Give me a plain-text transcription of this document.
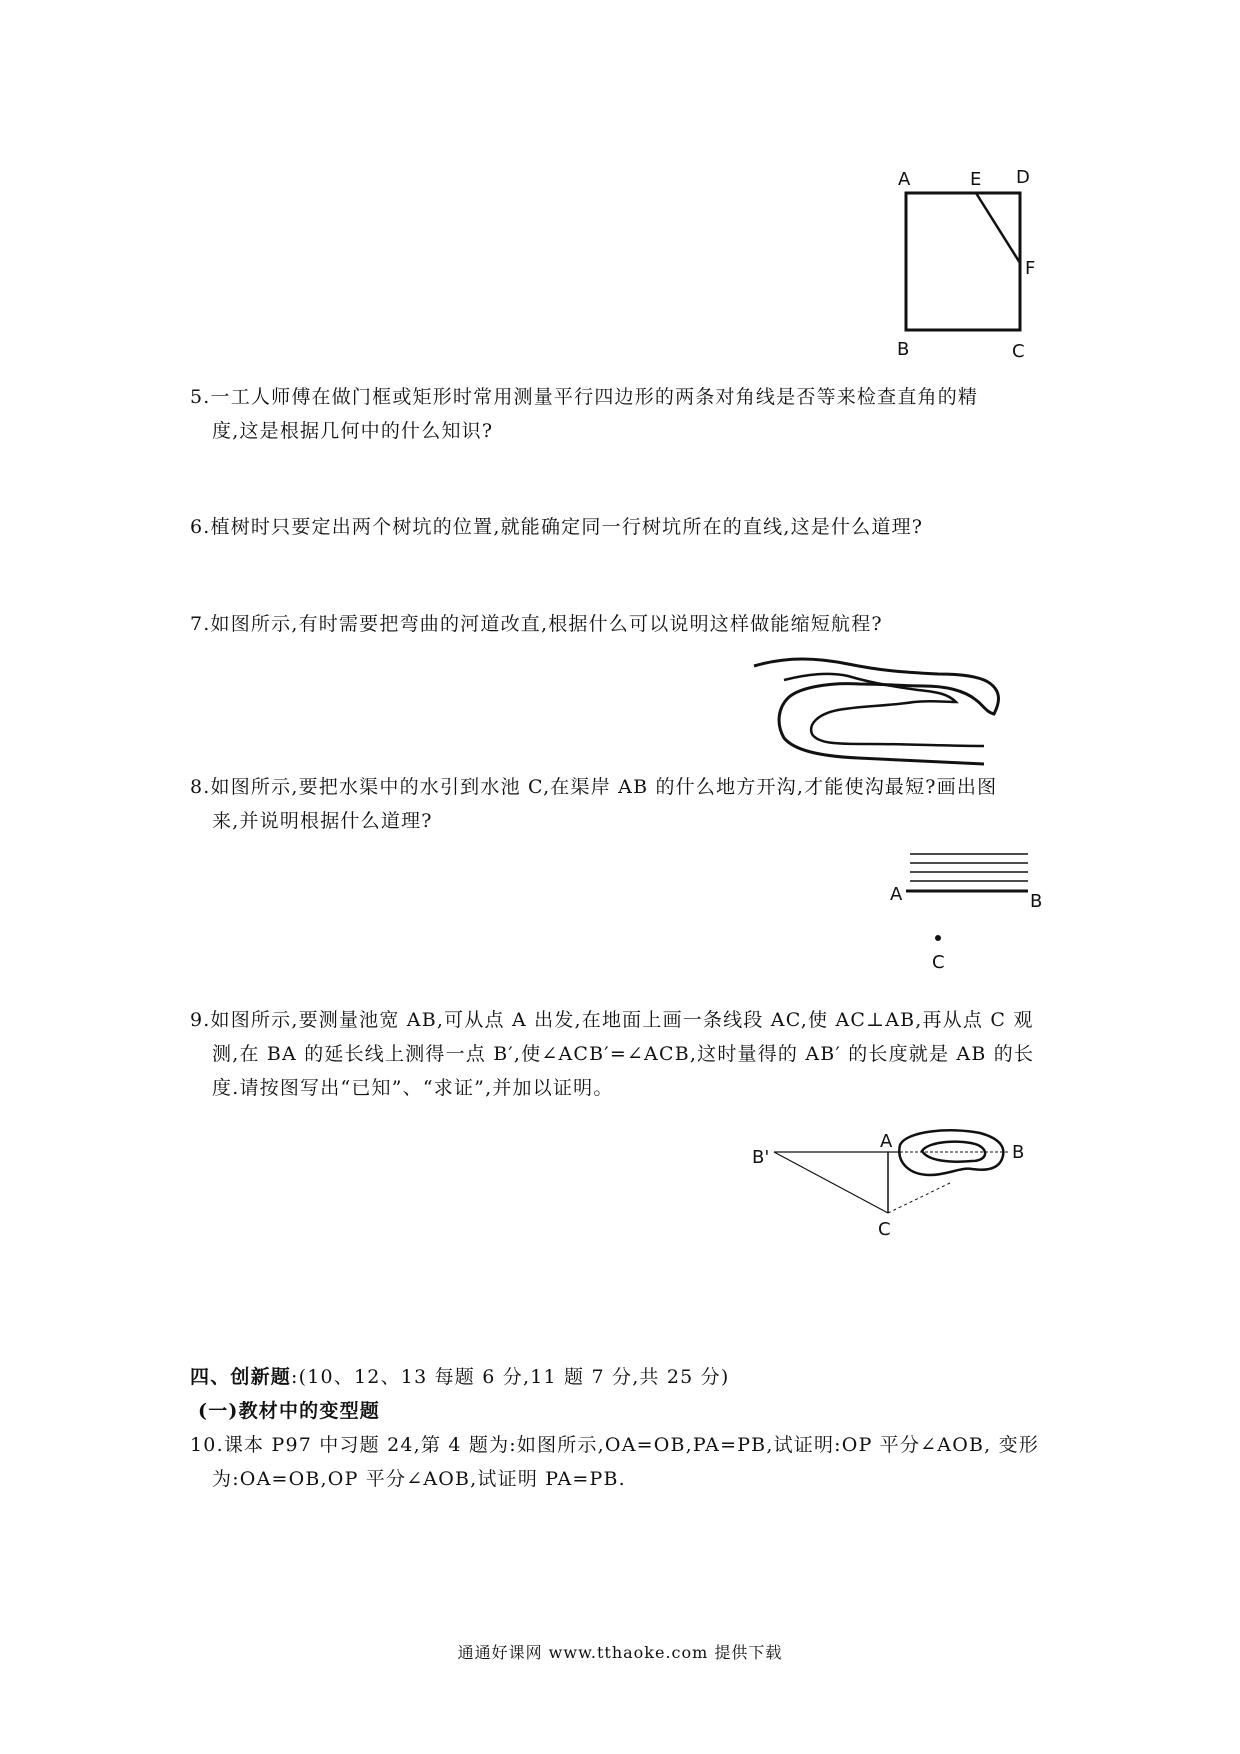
A	E D
F
B	C
5.一工人师傅在做门框或矩形时常用测量平行四边形的两条对角线是否等来检查直角的精
度,这是根据几何中的什么知识?
6.植树时只要定出两个树坑的位置,就能确定同一行树坑所在的直线,这是什么道理?
7.如图所示,有时需要把弯曲的河道改直,根据什么可以说明这样做能缩短航程?
8.如图所示,要把水渠中的水引到水池 C,在渠岸 AB 的什么地方开沟,才能使沟最短?画出图
来,并说明根据什么道理?
A	B
C
9.如图所示,要测量池宽 AB,可从点 A 出发,在地面上画一条线段 AC,使 AC⊥AB,再从点 C 观
测,在 BA 的延长线上测得一点 B′,使∠ACB′=∠ACB,这时量得的 AB′ 的长度就是 AB 的长
度.请按图写出“已知”、“求证”,并加以证明。
B'
A
B
C
四、创新题:(10、12、13 每题 6 分,11 题 7 分,共 25 分)
(一)教材中的变型题
10.课本 P97 中习题 24,第 4 题为:如图所示,OA=OB,PA=PB,试证明:OP 平分∠AOB, 变形
为:OA=OB,OP 平分∠AOB,试证明 PA=PB.
通通好课网 www.tthaoke.com 提供下载
